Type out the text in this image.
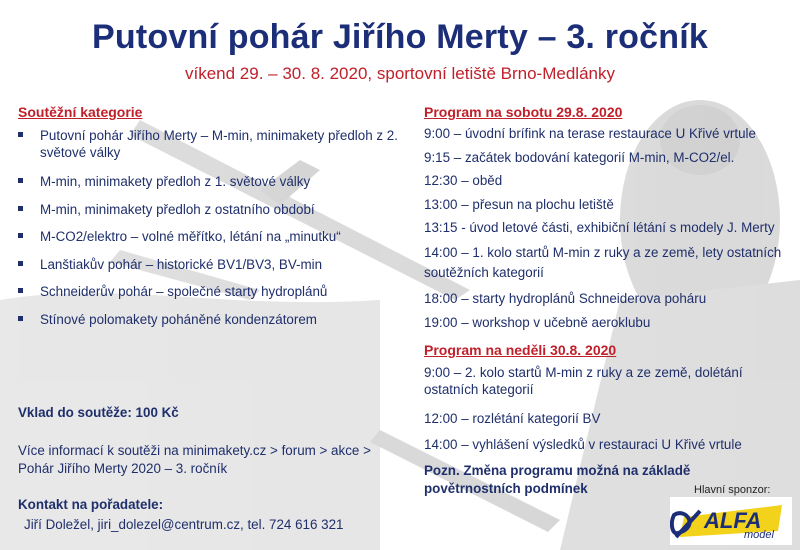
Putovní pohár Jiřího Merty – 3. ročník
víkend 29. – 30. 8. 2020, sportovní letiště Brno-Medlánky
Soutěžní kategorie
Putovní pohár Jiřího Merty – M-min, minimakety předloh z 2. světové války
M-min, minimakety předloh z 1. světové války
M-min, minimakety předloh z ostatního období
M-CO2/elektro – volné měřítko, létání na „minutku“
Lanštiakův pohár – historické BV1/BV3, BV-min
Schneiderův pohár – společné starty hydroplánů
Stínové polomakety poháněné kondenzátorem
Program na sobotu 29.8. 2020
9:00 – úvodní brífink na terase restaurace U Křivé vrtule
9:15 – začátek bodování kategorií M-min, M-CO2/el.
12:30 – oběd
13:00 – přesun na plochu letiště
13:15 - úvod letové části, exhibiční létání s modely J. Merty
14:00 – 1. kolo startů M-min z ruky a ze země, lety ostatních soutěžních kategorií
18:00 – starty hydroplánů Schneiderova poháru
19:00 – workshop v učebně aeroklubu
Program na neděli 30.8. 2020
9:00 – 2. kolo startů M-min z ruky a ze země, dolétání ostatních kategorií
12:00 – rozlétání kategorií BV
14:00 – vyhlášení výsledků v restauraci U Křivé vrtule
Vklad do soutěže: 100 Kč
Více informací k soutěži na minimakety.cz > forum > akce > Pohár Jiřího Merty 2020 – 3. ročník
Kontakt na pořadatele:
Jiří Doležel, jiri_dolezel@centrum.cz, tel. 724 616 321
Pozn. Změna programu možná na základě povětrnostních podmínek	Hlavní sponzor:
ALFA
model
